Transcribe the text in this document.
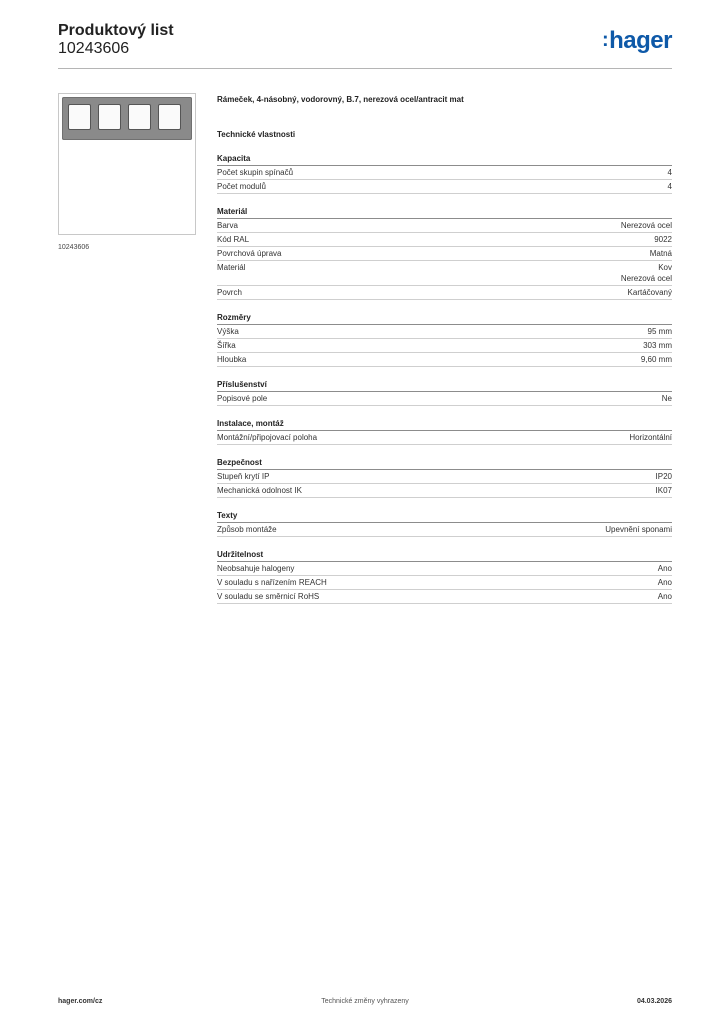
Produktový list
10243606	:hager
10243606
Rámeček, 4-násobný, vodorovný, B.7, nerezová ocel/antracit mat
Technické vlastnosti
Kapacita
Počet skupin spínačů	4
Počet modulů	4
Materiál
Barva	Nerezová ocel
Kód RAL	9022
Povrchová úprava	Matná
Materiál	Kov
Nerezová ocel
Povrch	Kartáčovaný
Rozměry
Výška	95 mm
Šířka	303 mm
Hloubka	9,60 mm
Příslušenství
Popisové pole	Ne
Instalace, montáž
Montážní/připojovací poloha	Horizontální
Bezpečnost
Stupeň krytí IP	IP20
Mechanická odolnost IK	IK07
Texty
Způsob montáže	Upevnění sponami
Udržitelnost
Neobsahuje halogeny	Ano
V souladu s nařízením REACH	Ano
V souladu se směrnicí RoHS	Ano
hager.com/cz	Technické změny vyhrazeny	04.03.2026
